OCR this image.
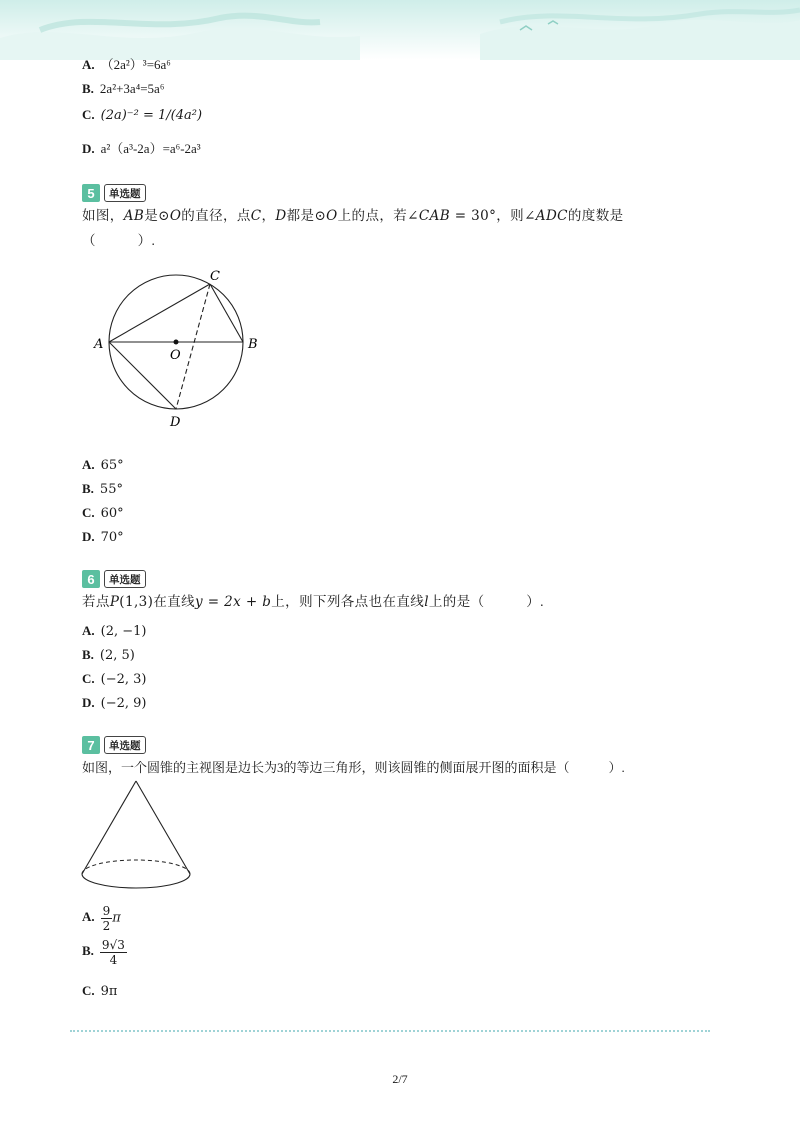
A. （2a²）³=6a⁶
B. 2a²+3a⁴=5a⁶
C. (2a)⁻² = 1/(4a²)
D. a²（a³-2a）=a⁶-2a³
5	单选题
如图，AB是⊙O的直径，点C，D都是⊙O上的点，若∠CAB = 30°，则∠ADC的度数是
（　　　）.
A	B
C
D
O
A. 65°
B. 55°
C. 60°
D. 70°
6	单选题
若点P(1,3)在直线y = 2x + b上，则下列各点也在直线l上的是（　　　）.
A. (2, −1)
B. (2, 5)
C. (−2, 3)
D. (−2, 9)
7	单选题
如图，一个圆锥的主视图是边长为3的等边三角形，则该圆锥的侧面展开图的面积是（　　　）.
A. $\frac{9}{2}$ π
B. $\frac{9√3}{4}$
C. 9π
2/7
